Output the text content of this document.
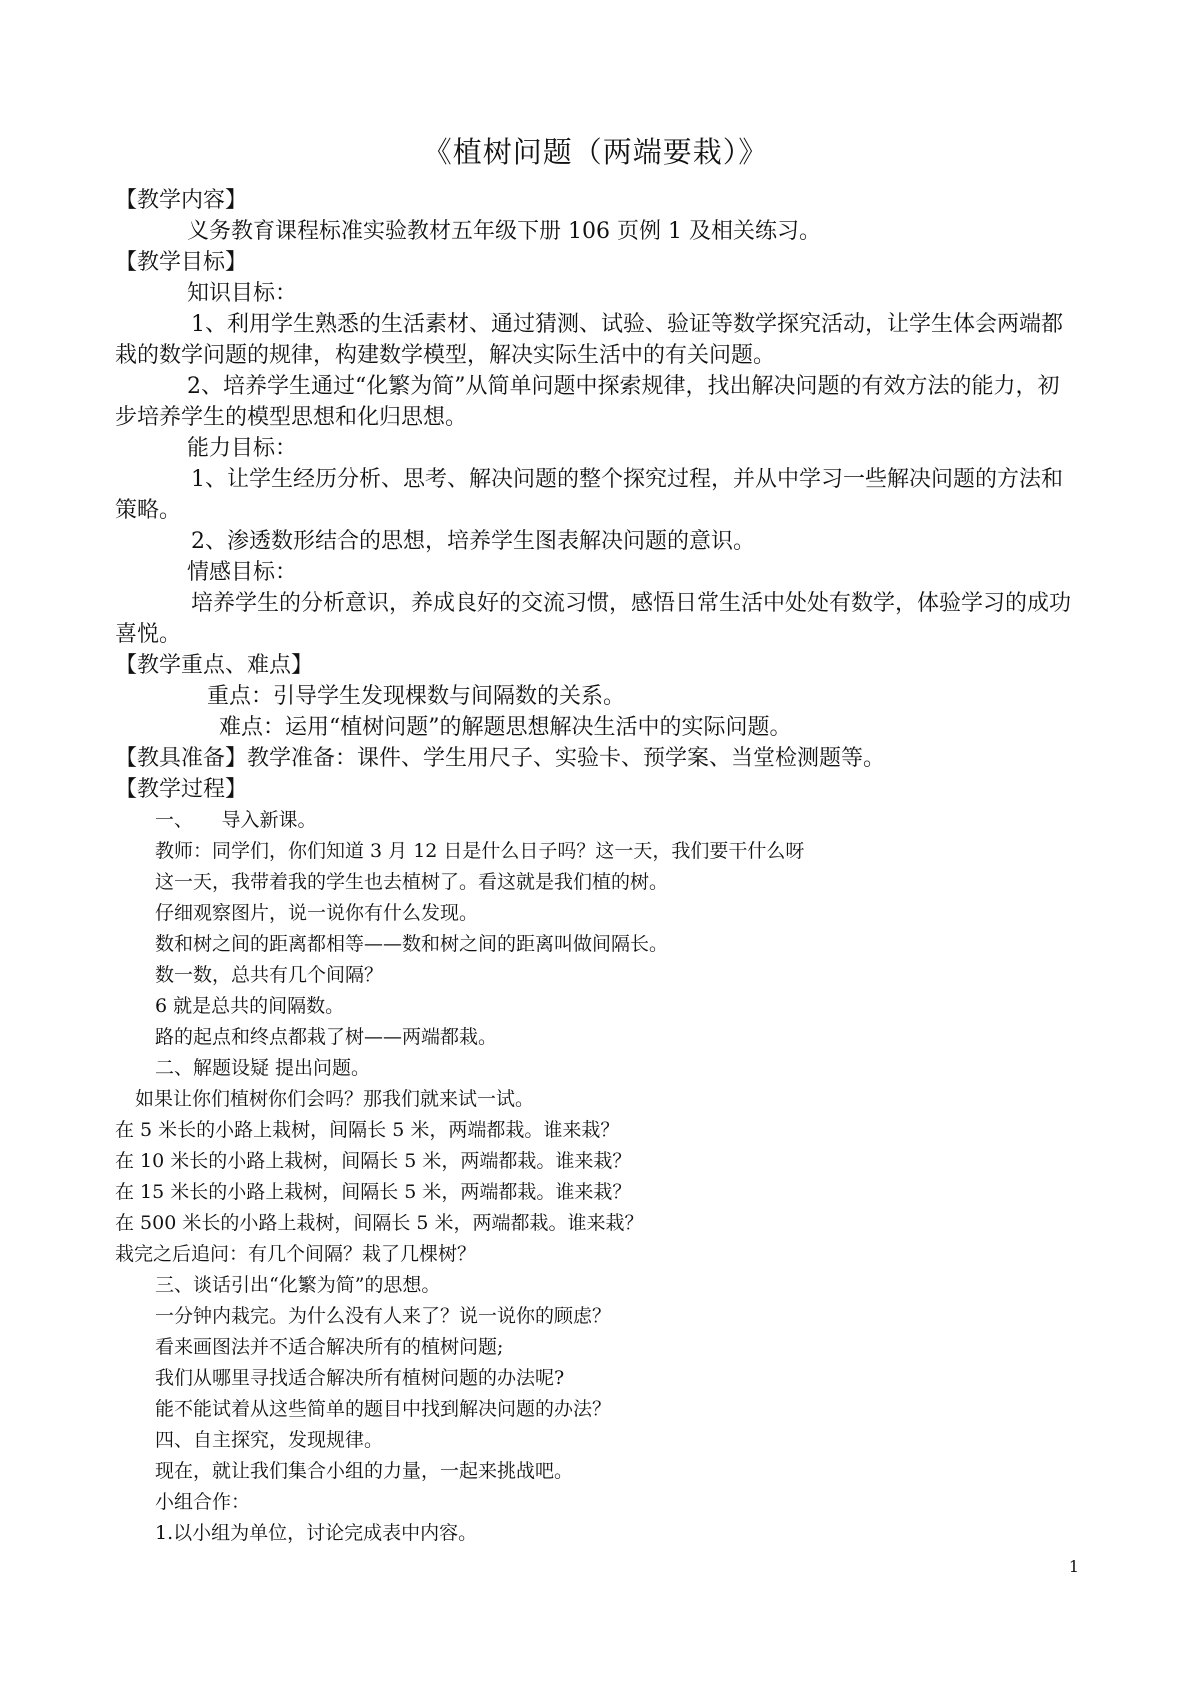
《植树问题（两端要栽）》
【教学内容】
义务教育课程标准实验教材五年级下册 106 页例 1 及相关练习。
【教学目标】
知识目标：
1、利用学生熟悉的生活素材、通过猜测、试验、验证等数学探究活动，让学生体会两端都栽的数学问题的规律，构建数学模型，解决实际生活中的有关问题。
2、培养学生通过“化繁为简”从简单问题中探索规律，找出解决问题的有效方法的能力，初步培养学生的模型思想和化归思想。
能力目标：
1、让学生经历分析、思考、解决问题的整个探究过程，并从中学习一些解决问题的方法和策略。
2、渗透数形结合的思想，培养学生图表解决问题的意识。
情感目标：
培养学生的分析意识，养成良好的交流习惯，感悟日常生活中处处有数学，体验学习的成功喜悦。
【教学重点、难点】
重点：引导学生发现棵数与间隔数的关系。
难点：运用“植树问题”的解题思想解决生活中的实际问题。
【教具准备】教学准备：课件、学生用尺子、实验卡、预学案、当堂检测题等。
【教学过程】
一、　　导入新课。
教师：同学们，你们知道 3 月 12 日是什么日子吗？这一天，我们要干什么呀
这一天，我带着我的学生也去植树了。看这就是我们植的树。
仔细观察图片，说一说你有什么发现。
数和树之间的距离都相等——数和树之间的距离叫做间隔长。
数一数，总共有几个间隔？
6 就是总共的间隔数。
路的起点和终点都栽了树——两端都栽。
二、解题设疑 提出问题。
如果让你们植树你们会吗？那我们就来试一试。
在 5 米长的小路上栽树，间隔长 5 米，两端都栽。谁来栽？
在 10 米长的小路上栽树，间隔长 5 米，两端都栽。谁来栽？
在 15 米长的小路上栽树，间隔长 5 米，两端都栽。谁来栽？
在 500 米长的小路上栽树，间隔长 5 米，两端都栽。谁来栽？
栽完之后追问：有几个间隔？栽了几棵树？
三、谈话引出“化繁为简”的思想。
一分钟内栽完。为什么没有人来了？说一说你的顾虑？
看来画图法并不适合解决所有的植树问题;
我们从哪里寻找适合解决所有植树问题的办法呢?
能不能试着从这些简单的题目中找到解决问题的办法？
四、自主探究，发现规律。
现在，就让我们集合小组的力量，一起来挑战吧。
小组合作：
1.以小组为单位，讨论完成表中内容。
1
